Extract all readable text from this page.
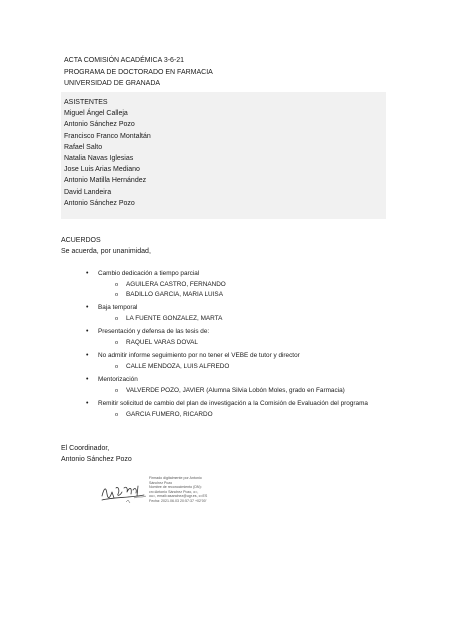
ACTA COMISIÓN ACADÉMICA 3-6-21
PROGRAMA DE DOCTORADO EN FARMACIA
UNIVERSIDAD DE GRANADA
ASISTENTES
Miguel Ángel Calleja
Antonio Sánchez Pozo
Francisco Franco Montaltán
Rafael Salto
Natalia Navas Iglesias
Jose Luis Arias Mediano
Antonio Matilla Hernández
David Landeira
Antonio Sánchez Pozo
ACUERDOS
Se acuerda, por unanimidad,
• Cambio dedicación a tiempo parcial
o AGUILERA CASTRO, FERNANDO
o BADILLO GARCIA, MARIA LUISA
• Baja temporal
o LA FUENTE GONZALEZ, MARTA
• Presentación y defensa de las tesis de:
o RAQUEL VARAS DOVAL
• No admitir informe seguimiento por no tener el VEBE de tutor y director
o CALLE MENDOZA, LUIS ALFREDO
• Mentorización
o VALVERDE POZO, JAVIER (Alumna Silvia Lobón Moles, grado en Farmacia)
• Remitir solicitud de cambio del plan de investigación a la Comisión de Evaluación del programa
o GARCIA FUMERO, RICARDO
El Coordinador,
Antonio Sánchez Pozo
Firmado digitalmente por Antonio
Sánchez Pozo
Nombre de reconocimiento (DN):
cn=Antonio Sánchez Pozo, o=,
ou=, email=asanchez@ugr.es, c=ES
Fecha: 2021.06.03 20:57:37 +02'00'
